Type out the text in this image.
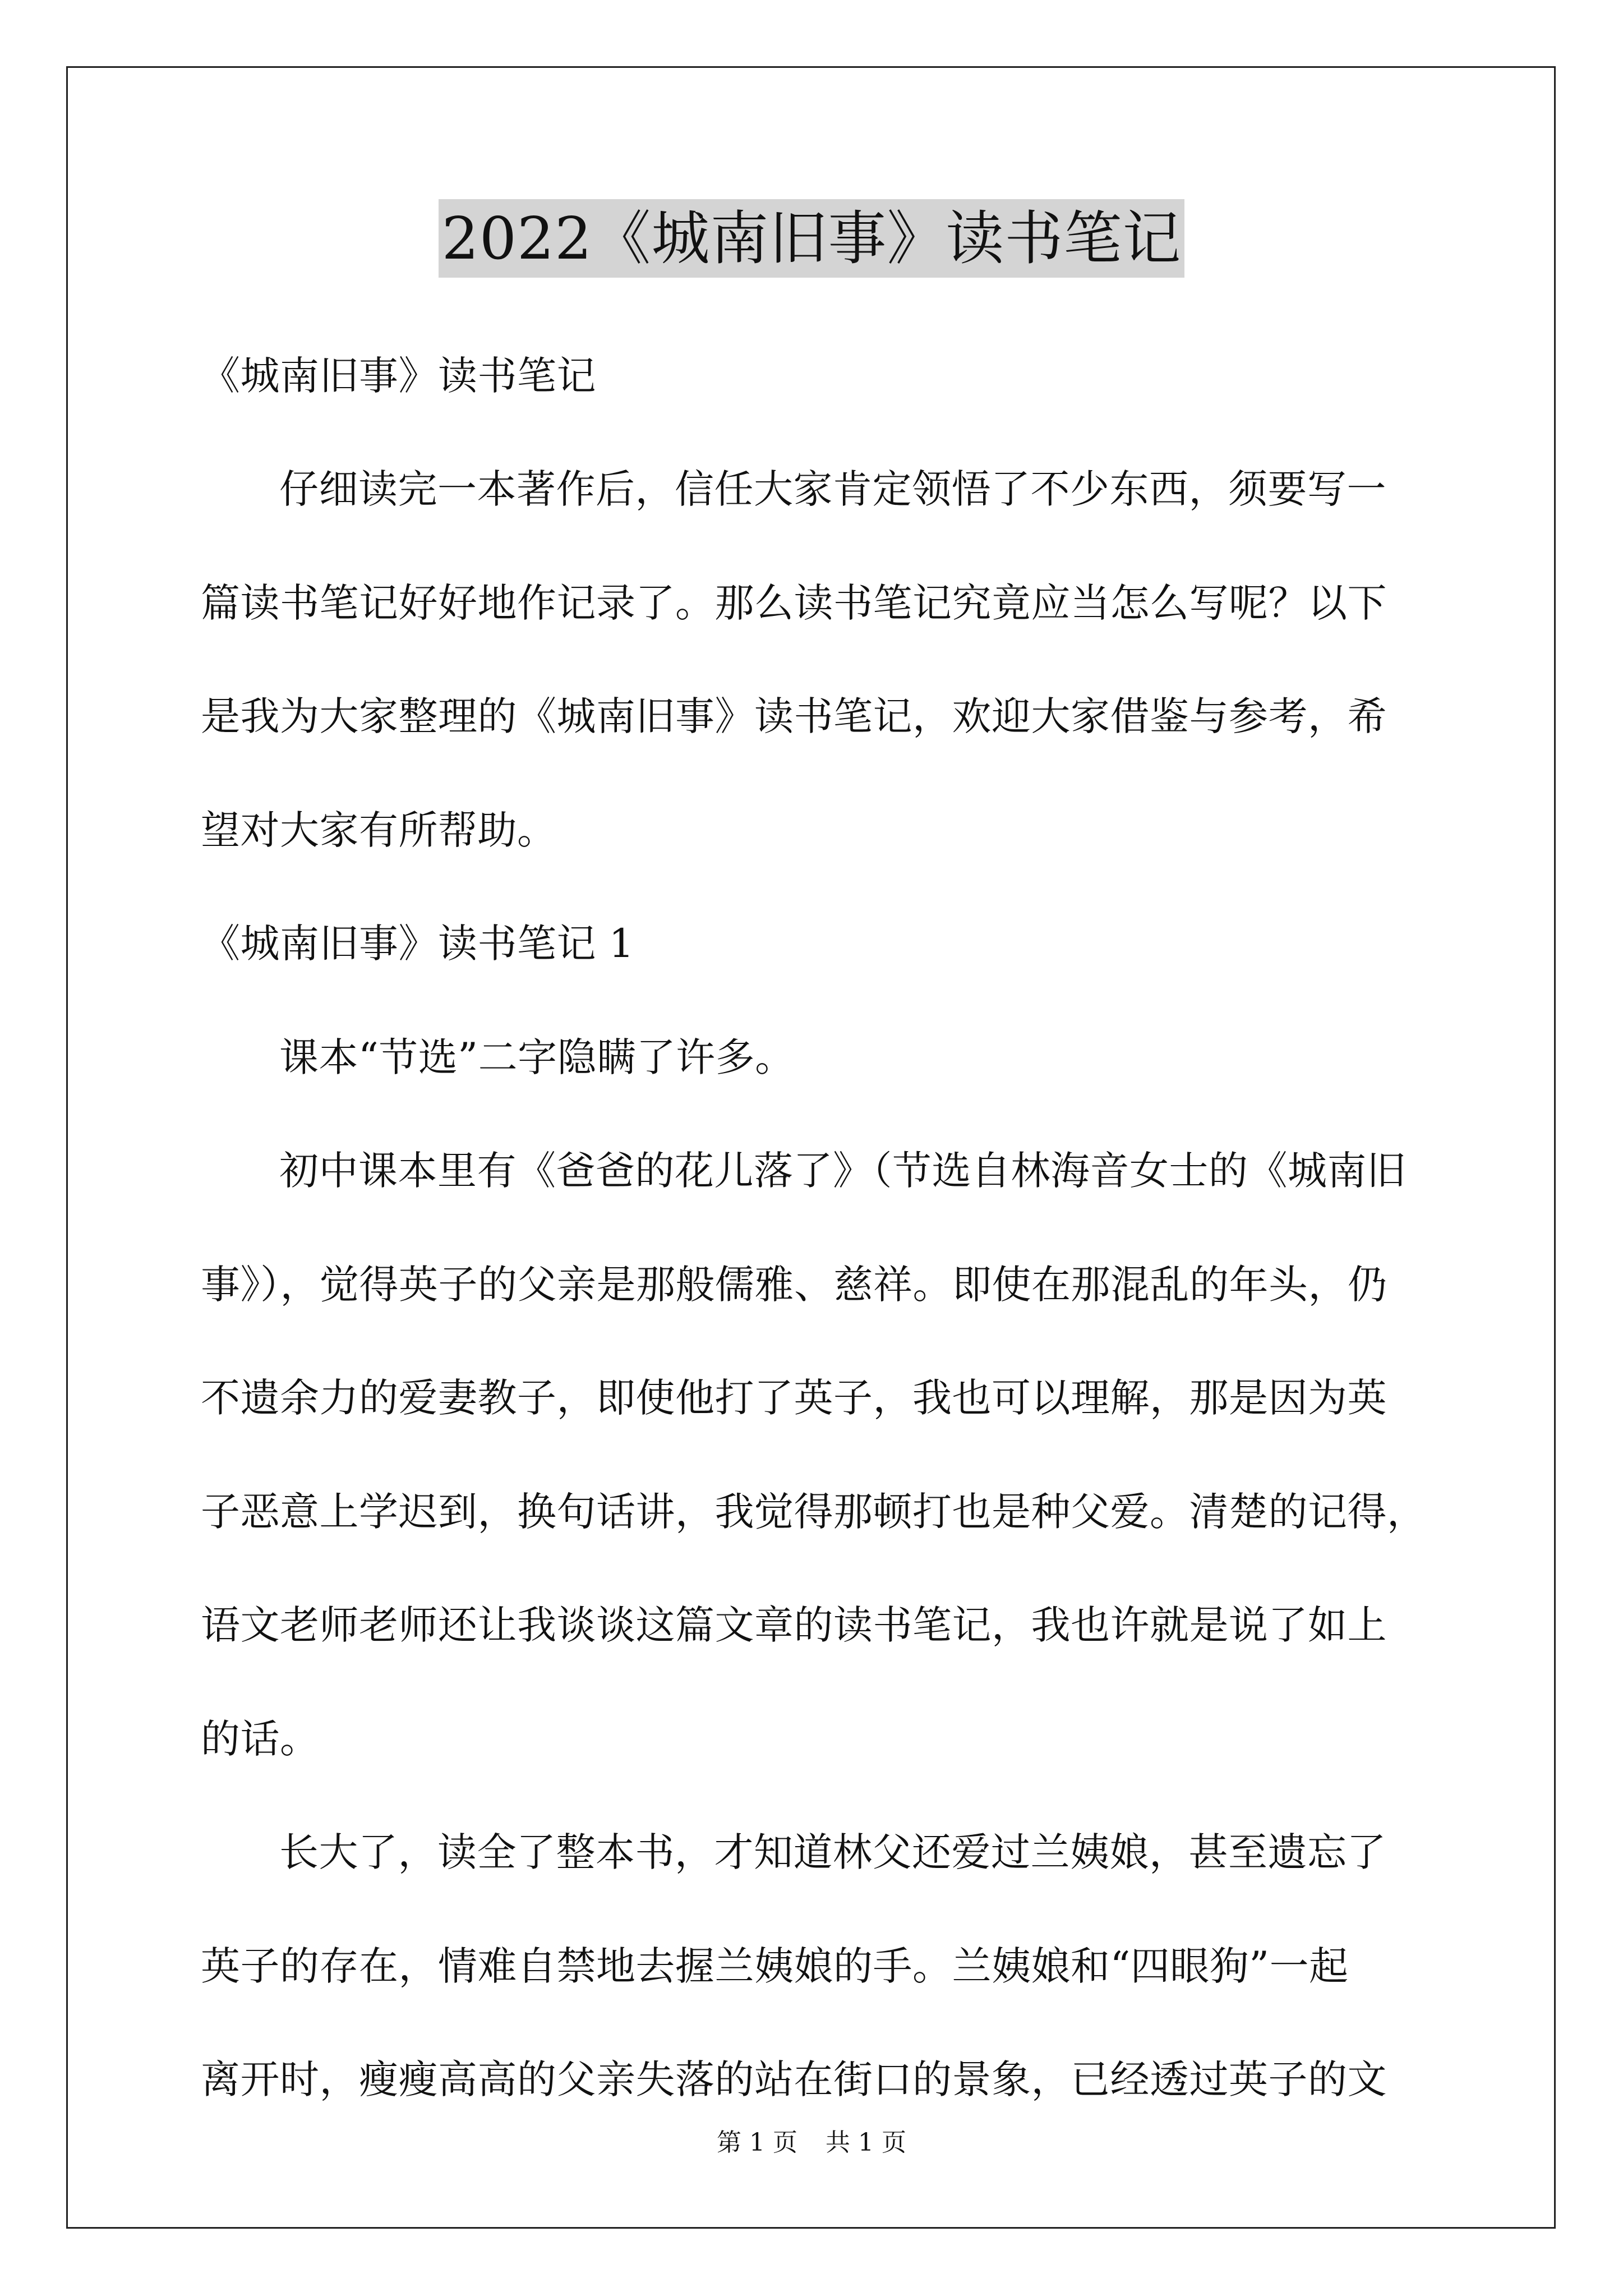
2022《城南旧事》读书笔记
《城南旧事》读书笔记
仔细读完一本著作后，信任大家肯定领悟了不少东西，须要写一
篇读书笔记好好地作记录了。那么读书笔记究竟应当怎么写呢？以下
是我为大家整理的《城南旧事》读书笔记，欢迎大家借鉴与参考，希
望对大家有所帮助。
《城南旧事》读书笔记 1
课本“节选”二字隐瞒了许多。
初中课本里有《爸爸的花儿落了》（节选自林海音女士的《城南旧
事》），觉得英子的父亲是那般儒雅、慈祥。即使在那混乱的年头，仍
不遗余力的爱妻教子，即使他打了英子，我也可以理解，那是因为英
子恶意上学迟到，换句话讲，我觉得那顿打也是种父爱。清楚的记得，
语文老师老师还让我谈谈这篇文章的读书笔记，我也许就是说了如上
的话。
长大了，读全了整本书，才知道林父还爱过兰姨娘，甚至遗忘了
英子的存在，情难自禁地去握兰姨娘的手。兰姨娘和“四眼狗”一起
离开时，瘦瘦高高的父亲失落的站在街口的景象，已经透过英子的文
第 1 页 共 1 页
